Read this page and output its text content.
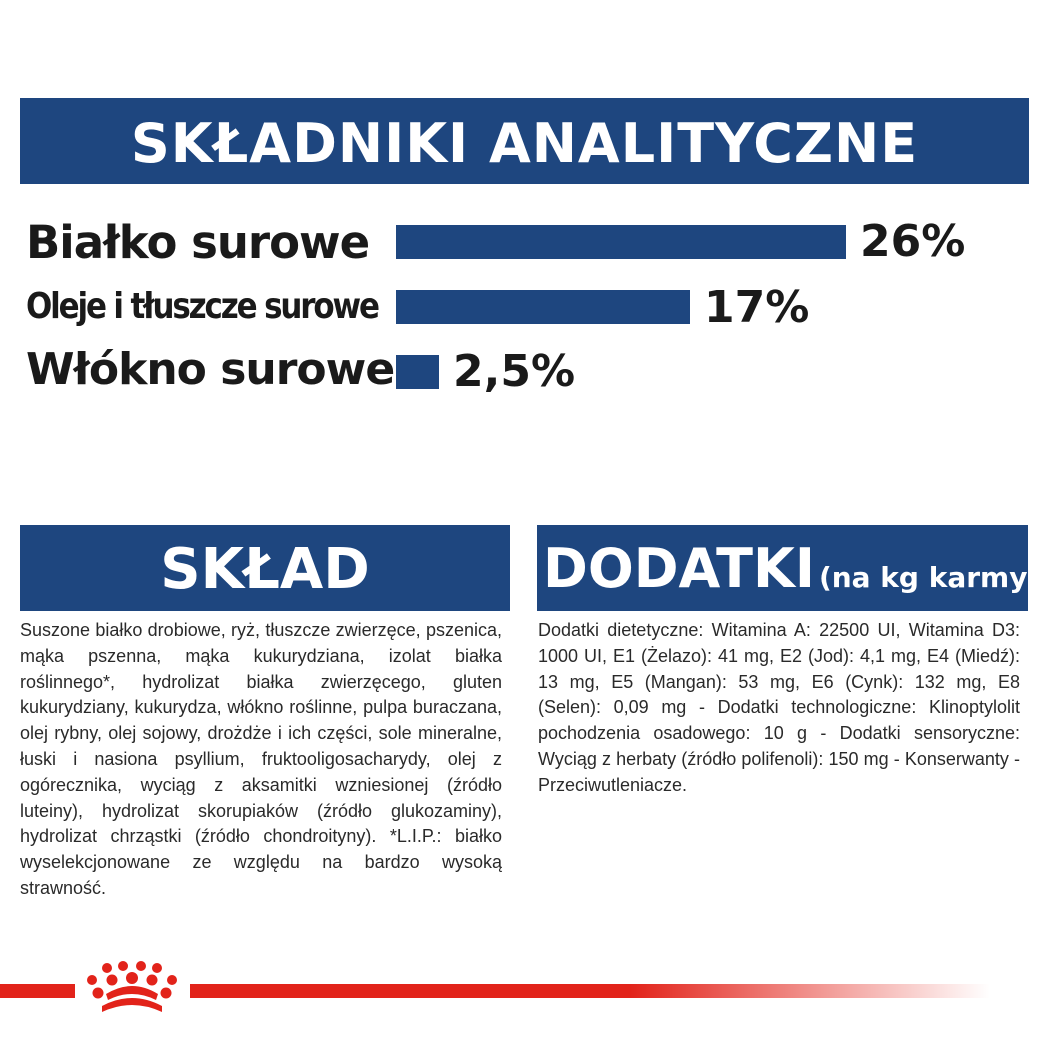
SKŁADNIKI ANALITYCZNE
Białko surowe	26%
Oleje i tłuszcze surowe	17%
Włókno surowe 2,5%
SKŁAD

Suszone białko drobiowe, ryż, tłuszcze zwierzęce, pszenica, mąka pszenna, mąka kukurydziana, izolat białka roślinnego*, hydrolizat białka zwierzęcego, gluten kukurydziany, kukurydza, włókno roślinne, pulpa buraczana, olej rybny, olej sojowy, drożdże i ich części, sole mineralne, łuski i nasiona psyllium, fruktooligosacharydy, olej z ogórecznika, wyciąg z aksamitki wzniesionej (źródło luteiny), hydrolizat skorupiaków (źródło glukozaminy), hydrolizat chrząstki (źródło chondroityny). *L.I.P.: białko wyselekcjonowane ze względu na bardzo wysoką strawność.

DODATKI (na kg karmy)

Dodatki dietetyczne: Witamina A: 22500 UI, Witamina D3: 1000 UI, E1 (Żelazo): 41 mg, E2 (Jod): 4,1 mg, E4 (Miedź): 13 mg, E5 (Mangan): 53 mg, E6 (Cynk): 132 mg, E8 (Selen): 0,09 mg - Dodatki technologiczne: Klinoptylolit pochodzenia osadowego: 10 g - Dodatki sensoryczne: Wyciąg z herbaty (źródło polifenoli): 150 mg - Konserwanty - Przeciwutleniacze.
